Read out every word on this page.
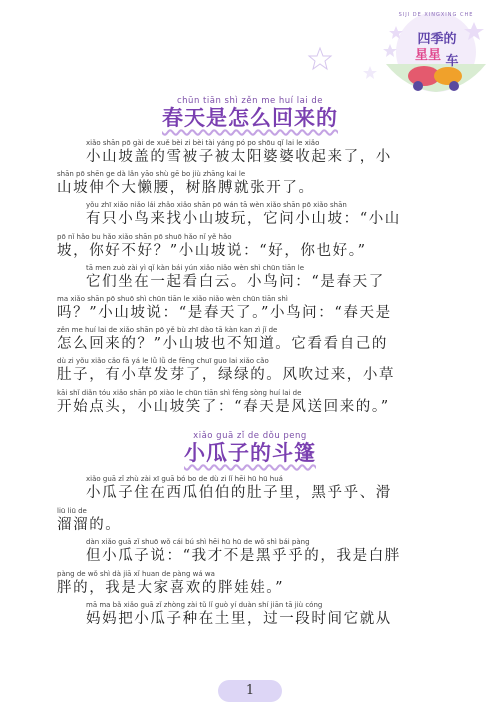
SIJI DE XINGXING CHE
四季的
星星 车
chūn tiān shì zěn me huí lai de
春天是怎么回来的
xiǎo shān pō gài de xuě bèi zi bèi tài yáng pó po shōu qǐ lai le xiǎo
小山坡盖的雪被子被太阳婆婆收起来了，小
shān pō shēn ge dà lǎn yāo shù gē bo jiù zhāng kai le
山坡伸个大懒腰，树胳膊就张开了。
yǒu zhī xiǎo niǎo lái zhǎo xiǎo shān pō wán tā wèn xiǎo shān pō xiǎo shān
有只小鸟来找小山坡玩，它问小山坡：“小山
pō nǐ hǎo bu hǎo xiǎo shān pō shuō hǎo nǐ yě hǎo
坡，你好不好？”小山坡说：“好，你也好。”
tā men zuò zài yì qǐ kàn bái yún xiǎo niǎo wèn shì chūn tiān le
它们坐在一起看白云。小鸟问：“是春天了
ma xiǎo shān pō shuō shì chūn tiān le xiǎo niǎo wèn chūn tiān shì
吗？”小山坡说：“是春天了。”小鸟问：“春天是
zěn me huí lai de xiǎo shān pō yě bù zhī dào tā kàn kan zì jǐ de
怎么回来的？”小山坡也不知道。它看看自己的
dù zi yǒu xiǎo cǎo fā yá le lǜ lǜ de fēng chuī guo lai xiǎo cǎo
肚子，有小草发芽了，绿绿的。风吹过来，小草
kāi shǐ diǎn tóu xiǎo shān pō xiào le chūn tiān shì fēng sòng huí lai de
开始点头，小山坡笑了：“春天是风送回来的。”
xiǎo guā zǐ de dǒu peng
小瓜子的斗篷
xiǎo guā zǐ zhù zài xī guā bó bo de dù zi lǐ hēi hū hū huá
小瓜子住在西瓜伯伯的肚子里，黑乎乎、滑
liū liū de
溜溜的。
dàn xiǎo guā zǐ shuō wǒ cái bú shì hēi hū hū de wǒ shì bái pàng
但小瓜子说：“我才不是黑乎乎的，我是白胖
pàng de wǒ shì dà jiā xǐ huan de pàng wá wa
胖的，我是大家喜欢的胖娃娃。”
mā ma bǎ xiǎo guā zǐ zhòng zài tǔ lǐ guò yí duàn shí jiān tā jiù cóng
妈妈把小瓜子种在土里，过一段时间它就从
1
